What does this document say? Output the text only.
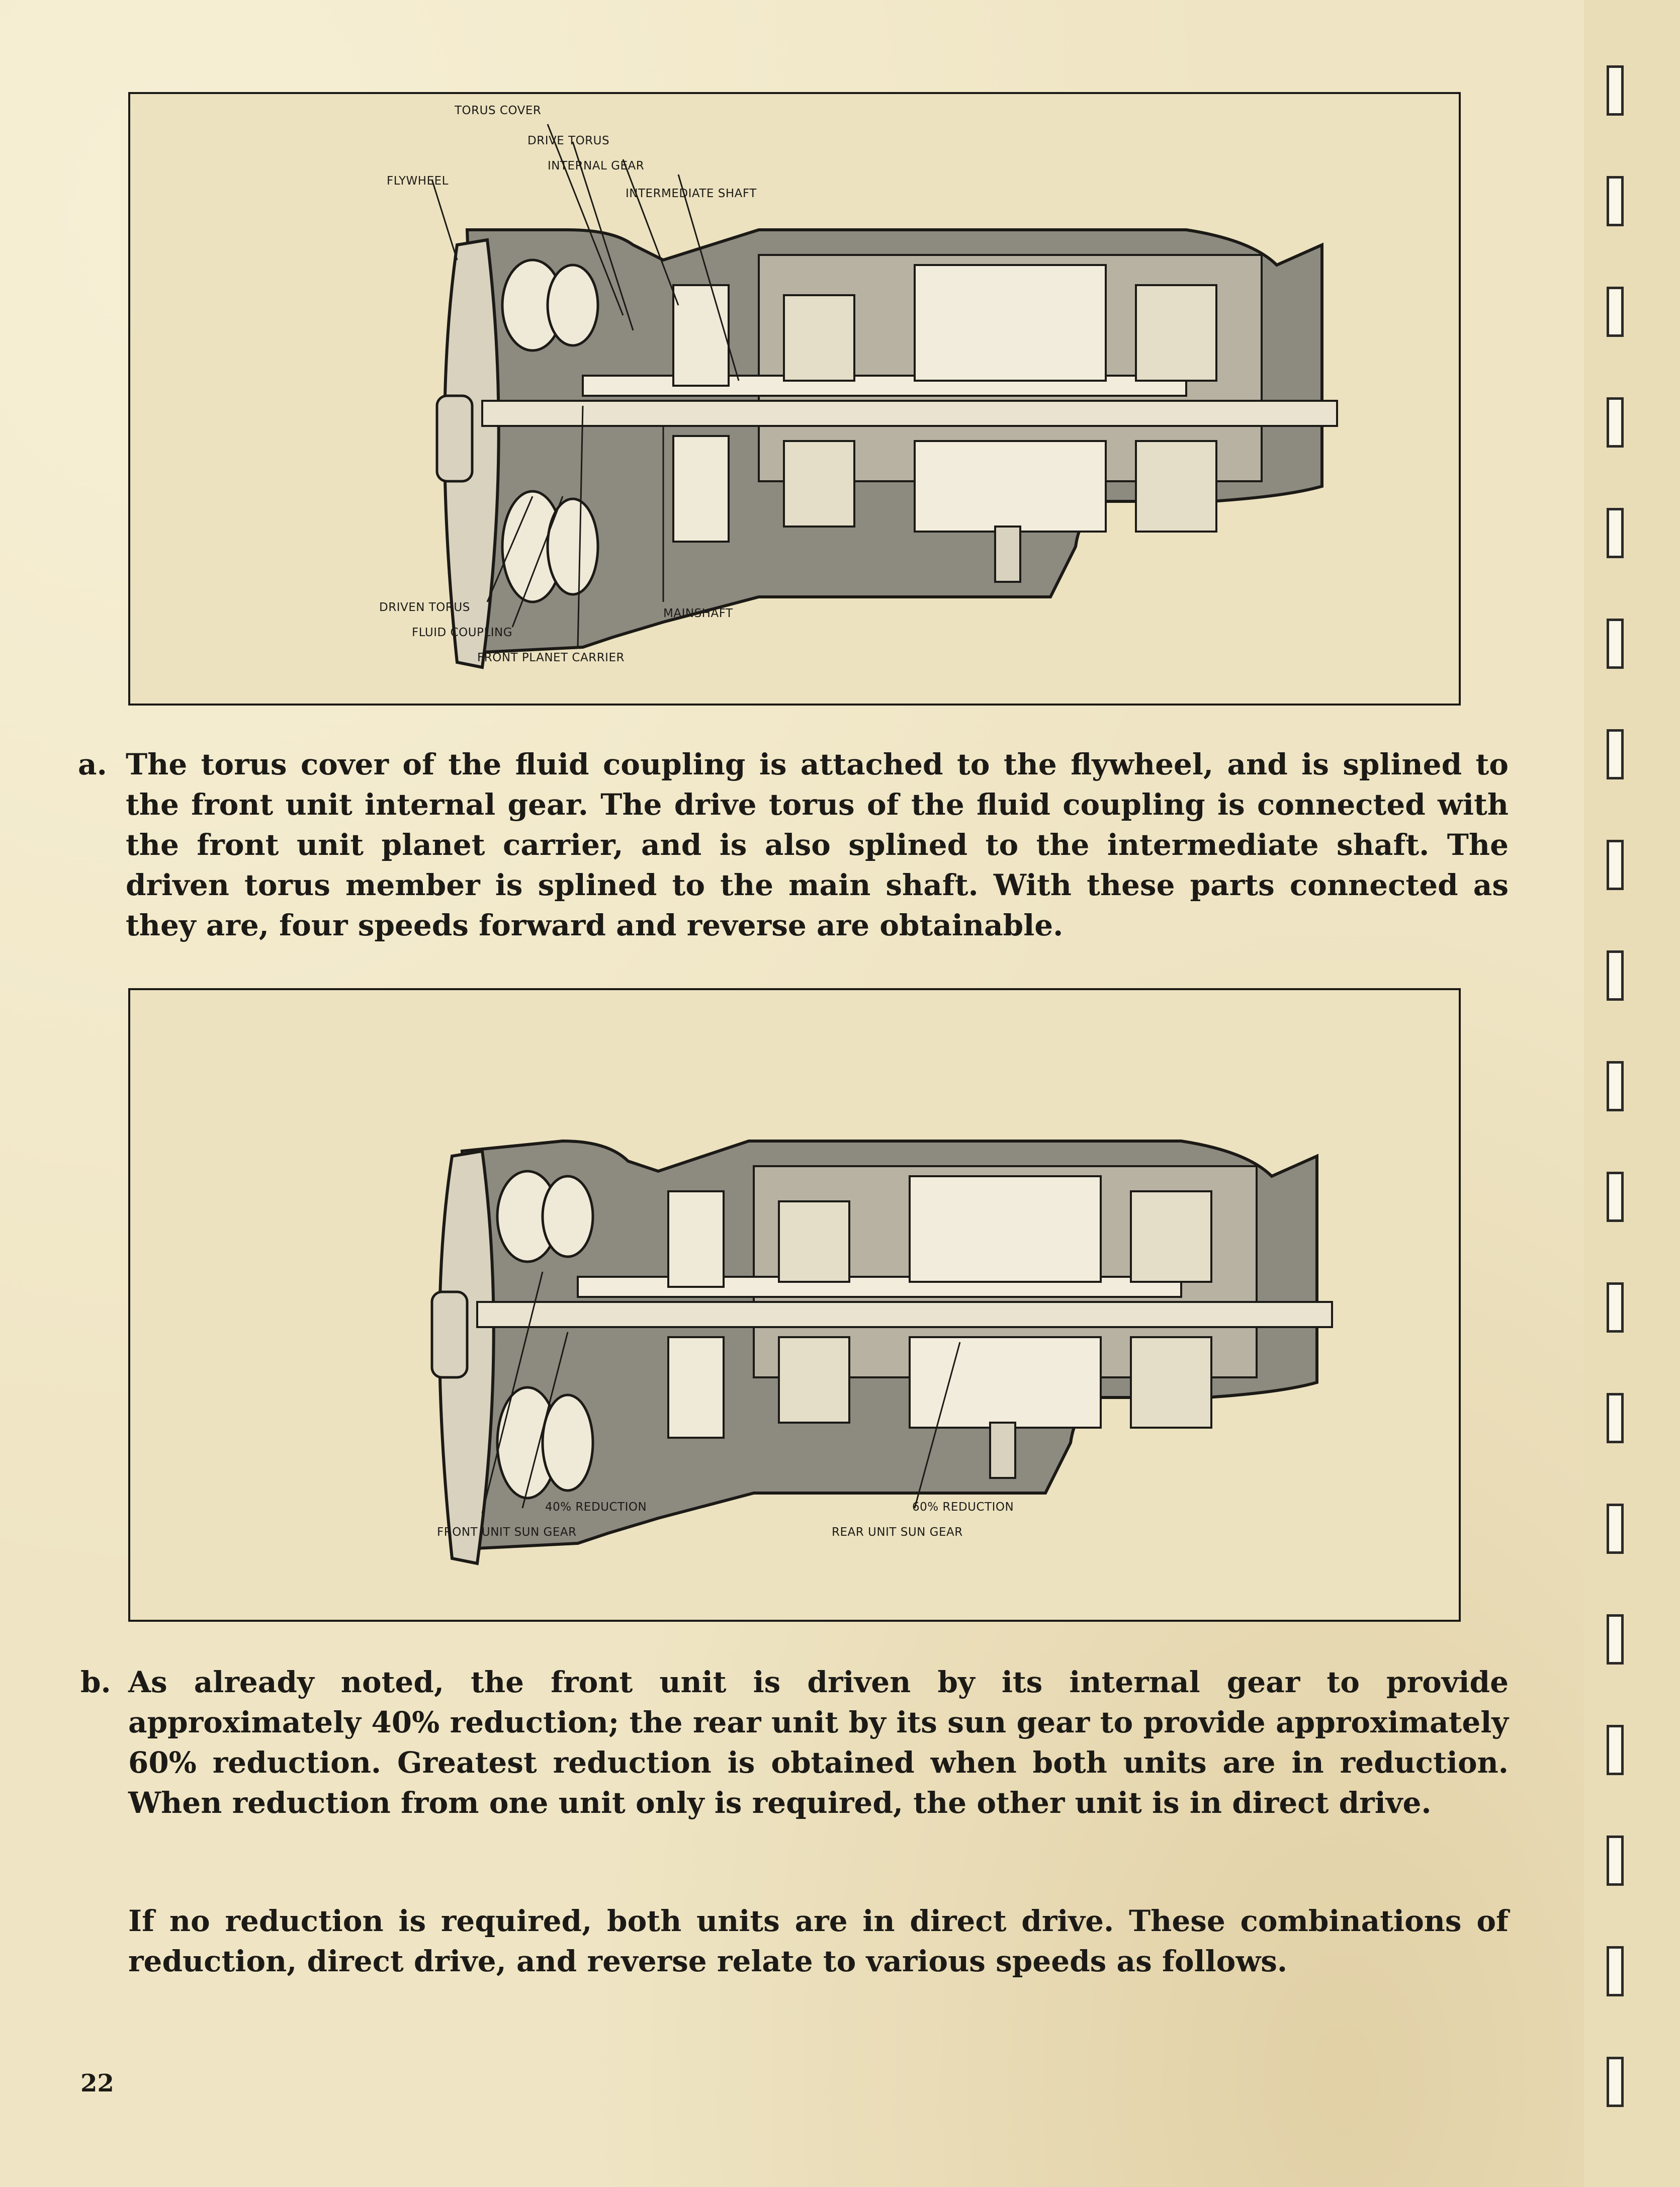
TORUS COVER
DRIVE TORUS
INTERNAL GEAR
FLYWHEEL
INTERMEDIATE SHAFT
DRIVEN TORUS
FLUID COUPLING
FRONT PLANET CARRIER
MAINSHAFT

a. The torus cover of the fluid coupling is attached to the flywheel, and is splined to the front unit internal gear. The drive torus of the fluid coupling is connected with the front unit planet carrier, and is also splined to the intermediate shaft. The driven torus member is splined to the main shaft. With these parts connected as they are, four speeds forward and reverse are obtainable.

40% REDUCTION
FRONT UNIT SUN GEAR
60% REDUCTION
REAR UNIT SUN GEAR

b. As already noted, the front unit is driven by its internal gear to provide approximately 40% reduction; the rear unit by its sun gear to provide approximately 60% reduction. Greatest reduction is obtained when both units are in reduction. When reduction from one unit only is required, the other unit is in direct drive.

If no reduction is required, both units are in direct drive. These combinations of reduction, direct drive, and reverse relate to various speeds as follows.

22
